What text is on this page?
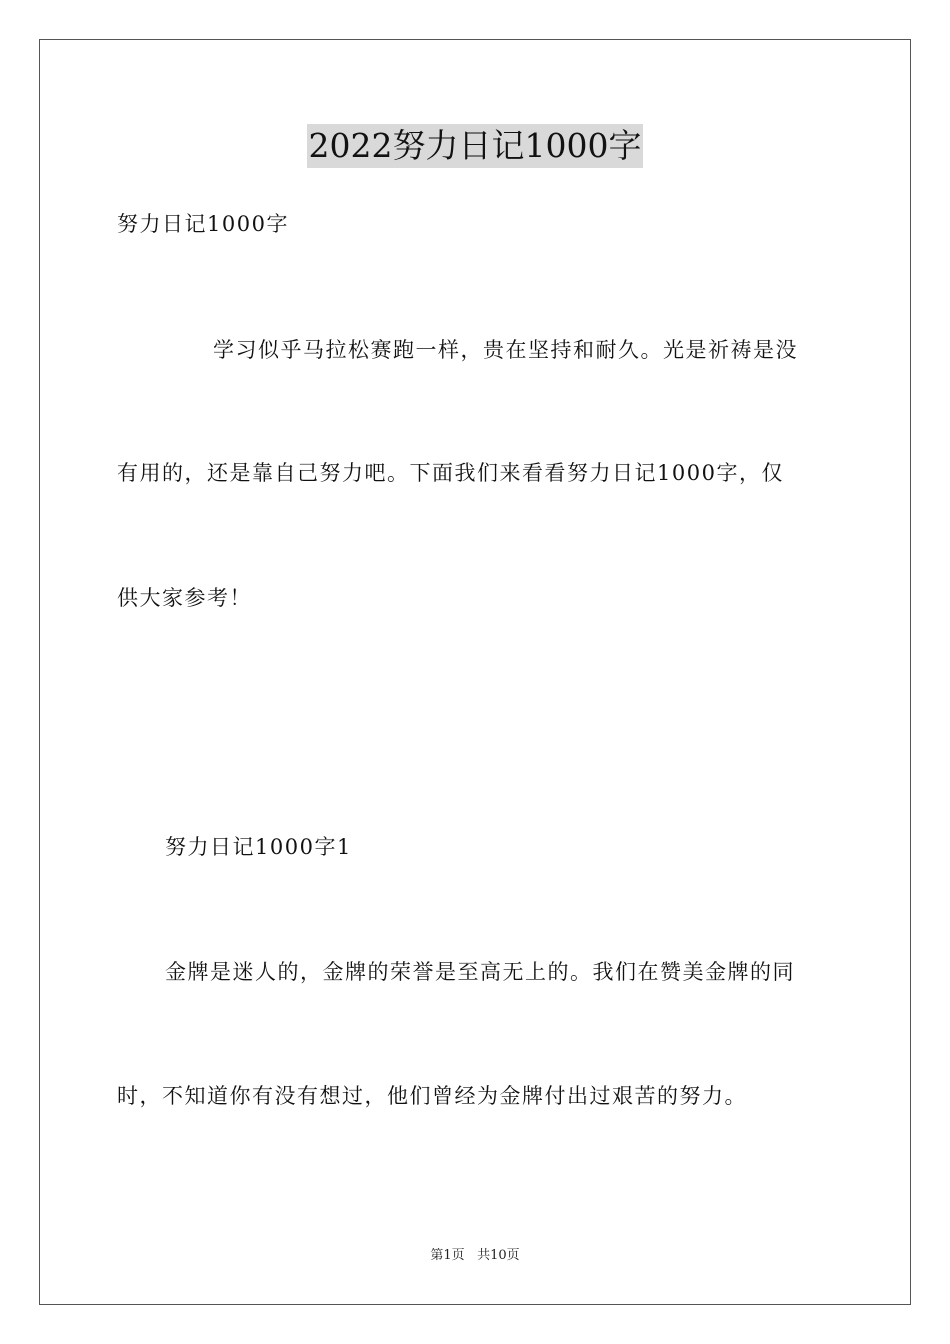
2022努力日记1000字
努力日记1000字
学习似乎马拉松赛跑一样，贵在坚持和耐久。光是祈祷是没
有用的，还是靠自己努力吧。下面我们来看看努力日记1000字，仅
供大家参考！
努力日记1000字1
金牌是迷人的，金牌的荣誉是至高无上的。我们在赞美金牌的同
时，不知道你有没有想过，他们曾经为金牌付出过艰苦的努力。
第1页 共10页
